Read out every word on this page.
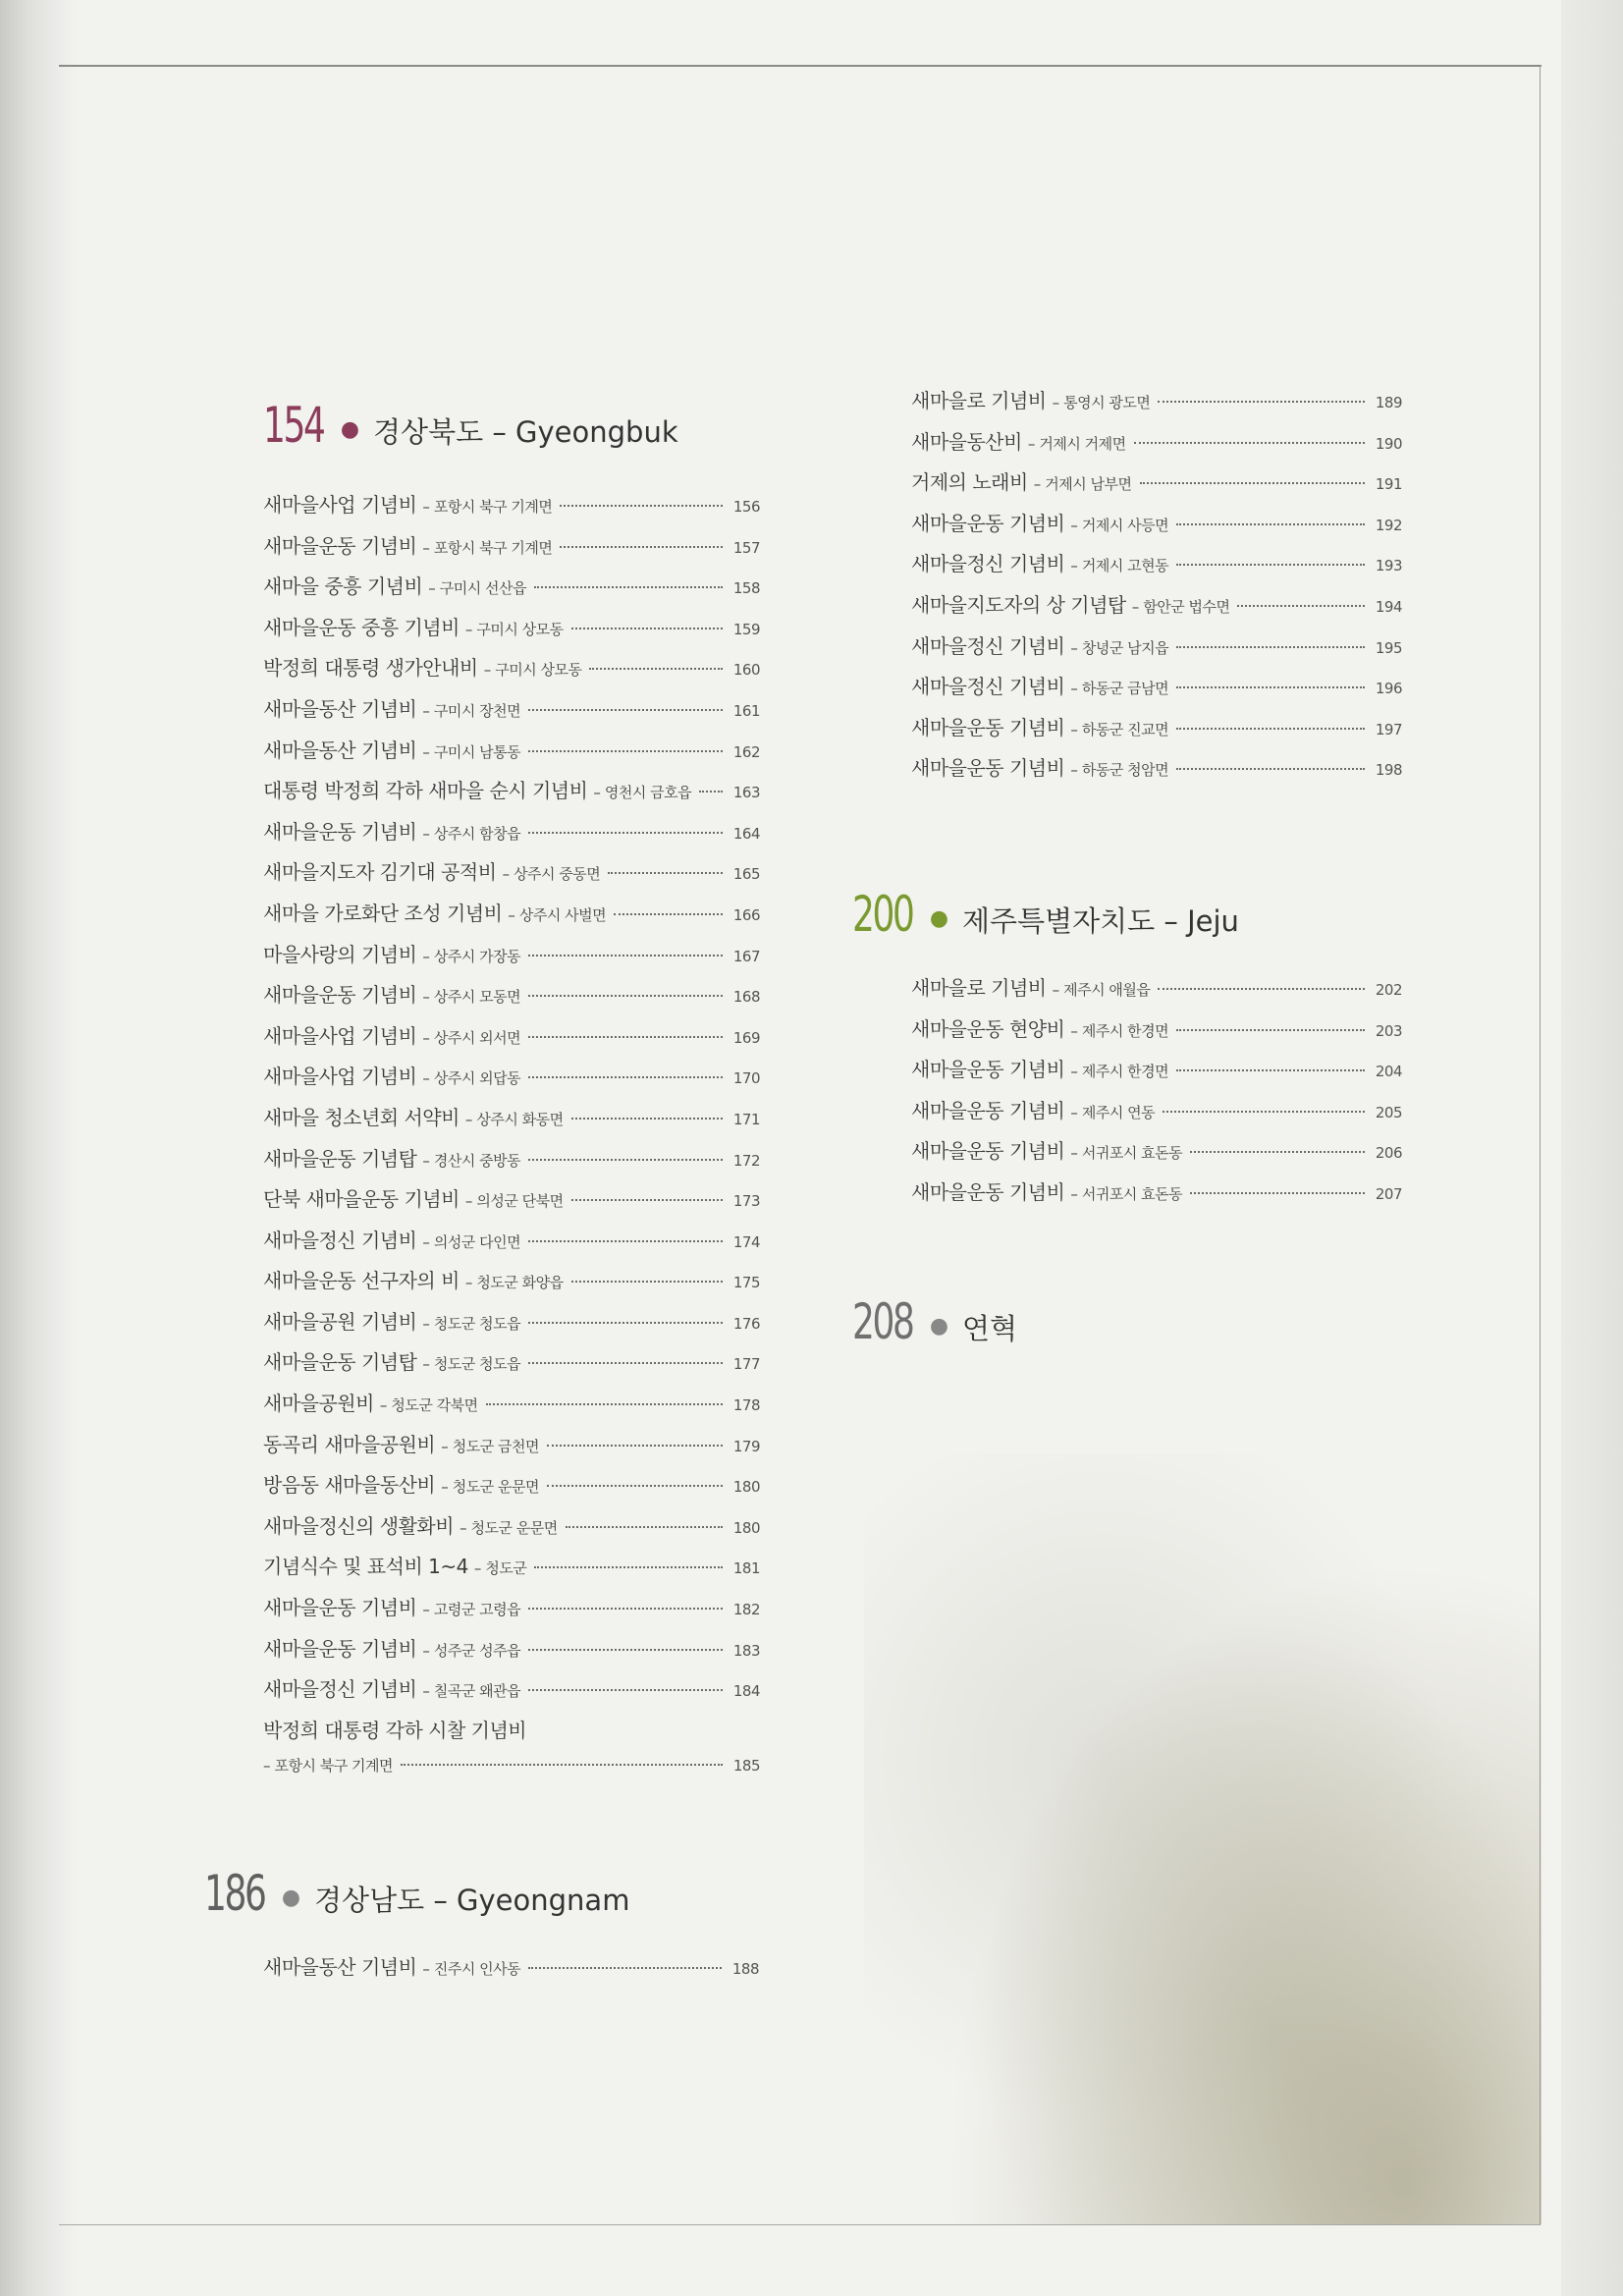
154 ● 경상북도 – Gyeongbuk
새마을사업 기념비 – 포항시 북구 기계면	156
새마을운동 기념비 – 포항시 북구 기계면	157
새마을 중흥 기념비 – 구미시 선산읍	158
새마을운동 중흥 기념비 – 구미시 상모동	159
박정희 대통령 생가안내비 – 구미시 상모동	160
새마을동산 기념비 – 구미시 장천면	161
새마을동산 기념비 – 구미시 남통동	162
대통령 박정희 각하 새마을 순시 기념비 – 영천시 금호읍	163
새마을운동 기념비 – 상주시 함창읍	164
새마을지도자 김기대 공적비 – 상주시 중동면	165
새마을 가로화단 조성 기념비 – 상주시 사벌면	166
마을사랑의 기념비 – 상주시 가장동	167
새마을운동 기념비 – 상주시 모동면	168
새마을사업 기념비 – 상주시 외서면	169
새마을사업 기념비 – 상주시 외답동	170
새마을 청소년회 서약비 – 상주시 화동면	171
새마을운동 기념탑 – 경산시 중방동	172
단북 새마을운동 기념비 – 의성군 단북면	173
새마을정신 기념비 – 의성군 다인면	174
새마을운동 선구자의 비 – 청도군 화양읍	175
새마을공원 기념비 – 청도군 청도읍	176
새마을운동 기념탑 – 청도군 청도읍	177
새마을공원비 – 청도군 각북면	178
동곡리 새마을공원비 – 청도군 금천면	179
방음동 새마을동산비 – 청도군 운문면	180
새마을정신의 생활화비 – 청도군 운문면	180
기념식수 및 표석비 1~4 – 청도군	181
새마을운동 기념비 – 고령군 고령읍	182
새마을운동 기념비 – 성주군 성주읍	183
새마을정신 기념비 – 칠곡군 왜관읍	184
박정희 대통령 각하 시찰 기념비
– 포항시 북구 기계면	185
186 ● 경상남도 – Gyeongnam
새마을동산 기념비 – 진주시 인사동	188
새마을로 기념비 – 통영시 광도면	189
새마을동산비 – 거제시 거제면	190
거제의 노래비 – 거제시 남부면	191
새마을운동 기념비 – 거제시 사등면	192
새마을정신 기념비 – 거제시 고현동	193
새마을지도자의 상 기념탑 – 함안군 법수면	194
새마을정신 기념비 – 창녕군 남지읍	195
새마을정신 기념비 – 하동군 금남면	196
새마을운동 기념비 – 하동군 진교면	197
새마을운동 기념비 – 하동군 청암면	198
200 ● 제주특별자치도 – Jeju
새마을로 기념비 – 제주시 애월읍	202
새마을운동 현양비 – 제주시 한경면	203
새마을운동 기념비 – 제주시 한경면	204
새마을운동 기념비 – 제주시 연동	205
새마을운동 기념비 – 서귀포시 효돈동	206
새마을운동 기념비 – 서귀포시 효돈동	207
208 ● 연혁
